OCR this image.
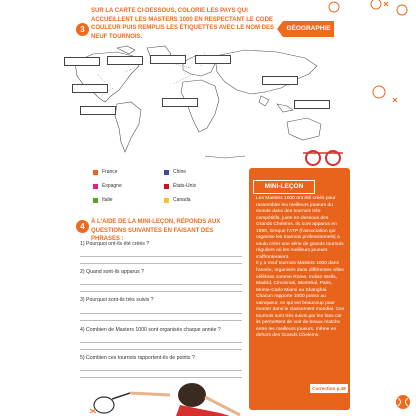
3
SUR LA CARTE CI-DESSOUS, COLORIE LES PAYS QUI ACCUEILLENT LES MASTERS 1000 EN RESPECTANT LE CODE COULEUR PUIS REMPLIS LES ÉTIQUETTES AVEC LE NOM DES NEUF TOURNOIS.
GÉOGRAPHIE
France
Espagne
Italie
Chine
États-Unis
Canada
4	À L'AIDE DE LA MINI-LEÇON, RÉPONDS AUX QUESTIONS SUIVANTES EN FAISANT DES PHRASES :
1) Pourquoi ont-ils été créés ?
2) Quand sont-ils apparus ?
3) Pourquoi sont-ils très suivis ?
4) Combien de Masters 1000 sont organisés chaque année ?
5) Combien ces tournois rapportent-ils de points ?
MINI-LEÇON

Les Masters 1000 ont été créés pour rassembler les meilleurs joueurs du monde dans des tournois très compétitifs, juste en-dessous des Grands Chelems. Ils sont apparus en 1990, lorsque l'ATP (l'association qui organise les tournois professionnels) a voulu créer une série de grands tournois réguliers où les meilleurs joueurs s'affronteraient.

Il y a neuf tournois Masters 1000 dans l'année, organisés dans différentes villes célèbres comme Rome, Indian Wells, Madrid, Cincinnati, Montréal, Paris, Monte-Carlo Miami ou Shanghai. Chacun rapporte 1000 points au vainqueur, ce qui est beaucoup pour monter dans le classement mondial. Ces tournois sont très suivis par les fans car ils permettent de voir de beaux matchs entre les meilleurs joueurs, même en dehors des Grands Chelems.

Correction p.48
